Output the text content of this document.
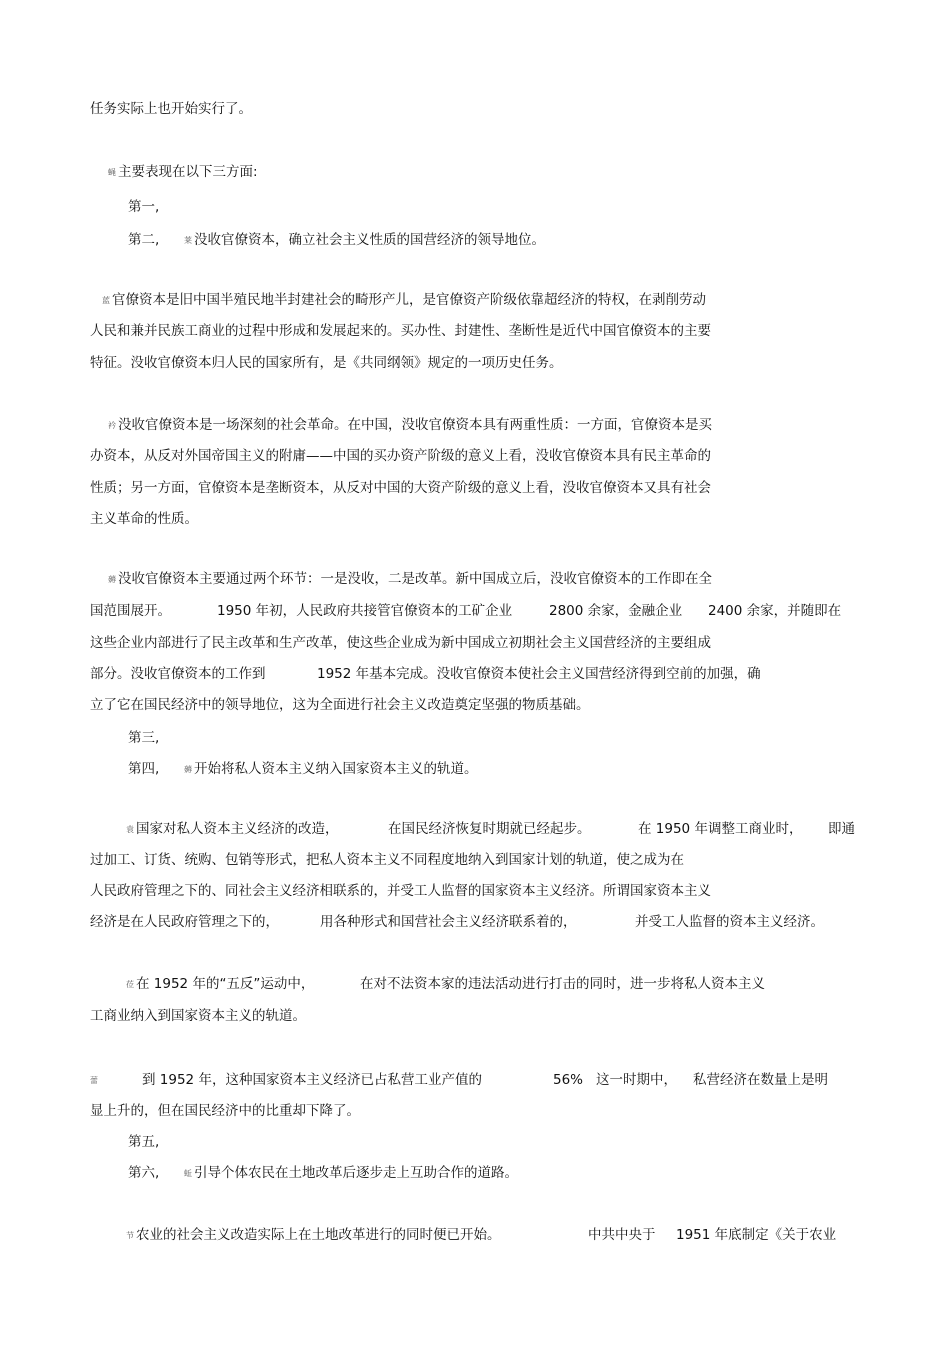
任务实际上也开始实行了。
蝇 主要表现在以下三方面:
第一,
第二,	莱 没收官僚资本，确立社会主义性质的国营经济的领导地位。
蓝 官僚资本是旧中国半殖民地半封建社会的畸形产儿，是官僚资产阶级依靠超经济的特权，在剥削劳动
人民和兼并民族工商业的过程中形成和发展起来的。买办性、封建性、垄断性是近代中国官僚资本的主要
特征。没收官僚资本归人民的国家所有，是《共同纲领》规定的一项历史任务。
衿 没收官僚资本是一场深刻的社会革命。在中国，没收官僚资本具有两重性质：一方面，官僚资本是买
办资本，从反对外国帝国主义的附庸——中国的买办资产阶级的意义上看，没收官僚资本具有民主革命的
性质；另一方面，官僚资本是垄断资本，从反对中国的大资产阶级的意义上看，没收官僚资本又具有社会
主义革命的性质。
薅 没收官僚资本主要通过两个环节：一是没收，二是改革。新中国成立后，没收官僚资本的工作即在全
国范围展开。	1950 年初，人民政府共接管官僚资本的工矿企业	2800 余家，金融企业 2400 余家，并随即在
这些企业内部进行了民主改革和生产改革，使这些企业成为新中国成立初期社会主义国营经济的主要组成
部分。没收官僚资本的工作到	1952 年基本完成。没收官僚资本使社会主义国营经济得到空前的加强，确
立了它在国民经济中的领导地位，这为全面进行社会主义改造奠定坚强的物质基础。
第三,
第四,	薅 开始将私人资本主义纳入国家资本主义的轨道。
袁 国家对私人资本主义经济的改造，	在国民经济恢复时期就已经起步。	在 1950 年调整工商业时， 即通
过加工、订货、统购、包销等形式，把私人资本主义不同程度地纳入到国家计划的轨道，使之成为在
人民政府管理之下的、同社会主义经济相联系的，并受工人监督的国家资本主义经济。所谓国家资本主义
经济是在人民政府管理之下的，	用各种形式和国营社会主义经济联系着的，	并受工人监督的资本主义经济。
莅 在 1952 年的“五反”运动中，	在对不法资本家的违法活动进行打击的同时，进一步将私人资本主义
工商业纳入到国家资本主义的轨道。
蕾	到 1952 年，这种国家资本主义经济已占私营工业产值的	56% 这一时期中， 私营经济在数量上是明
显上升的，但在国民经济中的比重却下降了。
第五,
第六,	蚯 引导个体农民在土地改革后逐步走上互助合作的道路。
节 农业的社会主义改造实际上在土地改革进行的同时便已开始。	中共中央于 1951 年底制定《关于农业
